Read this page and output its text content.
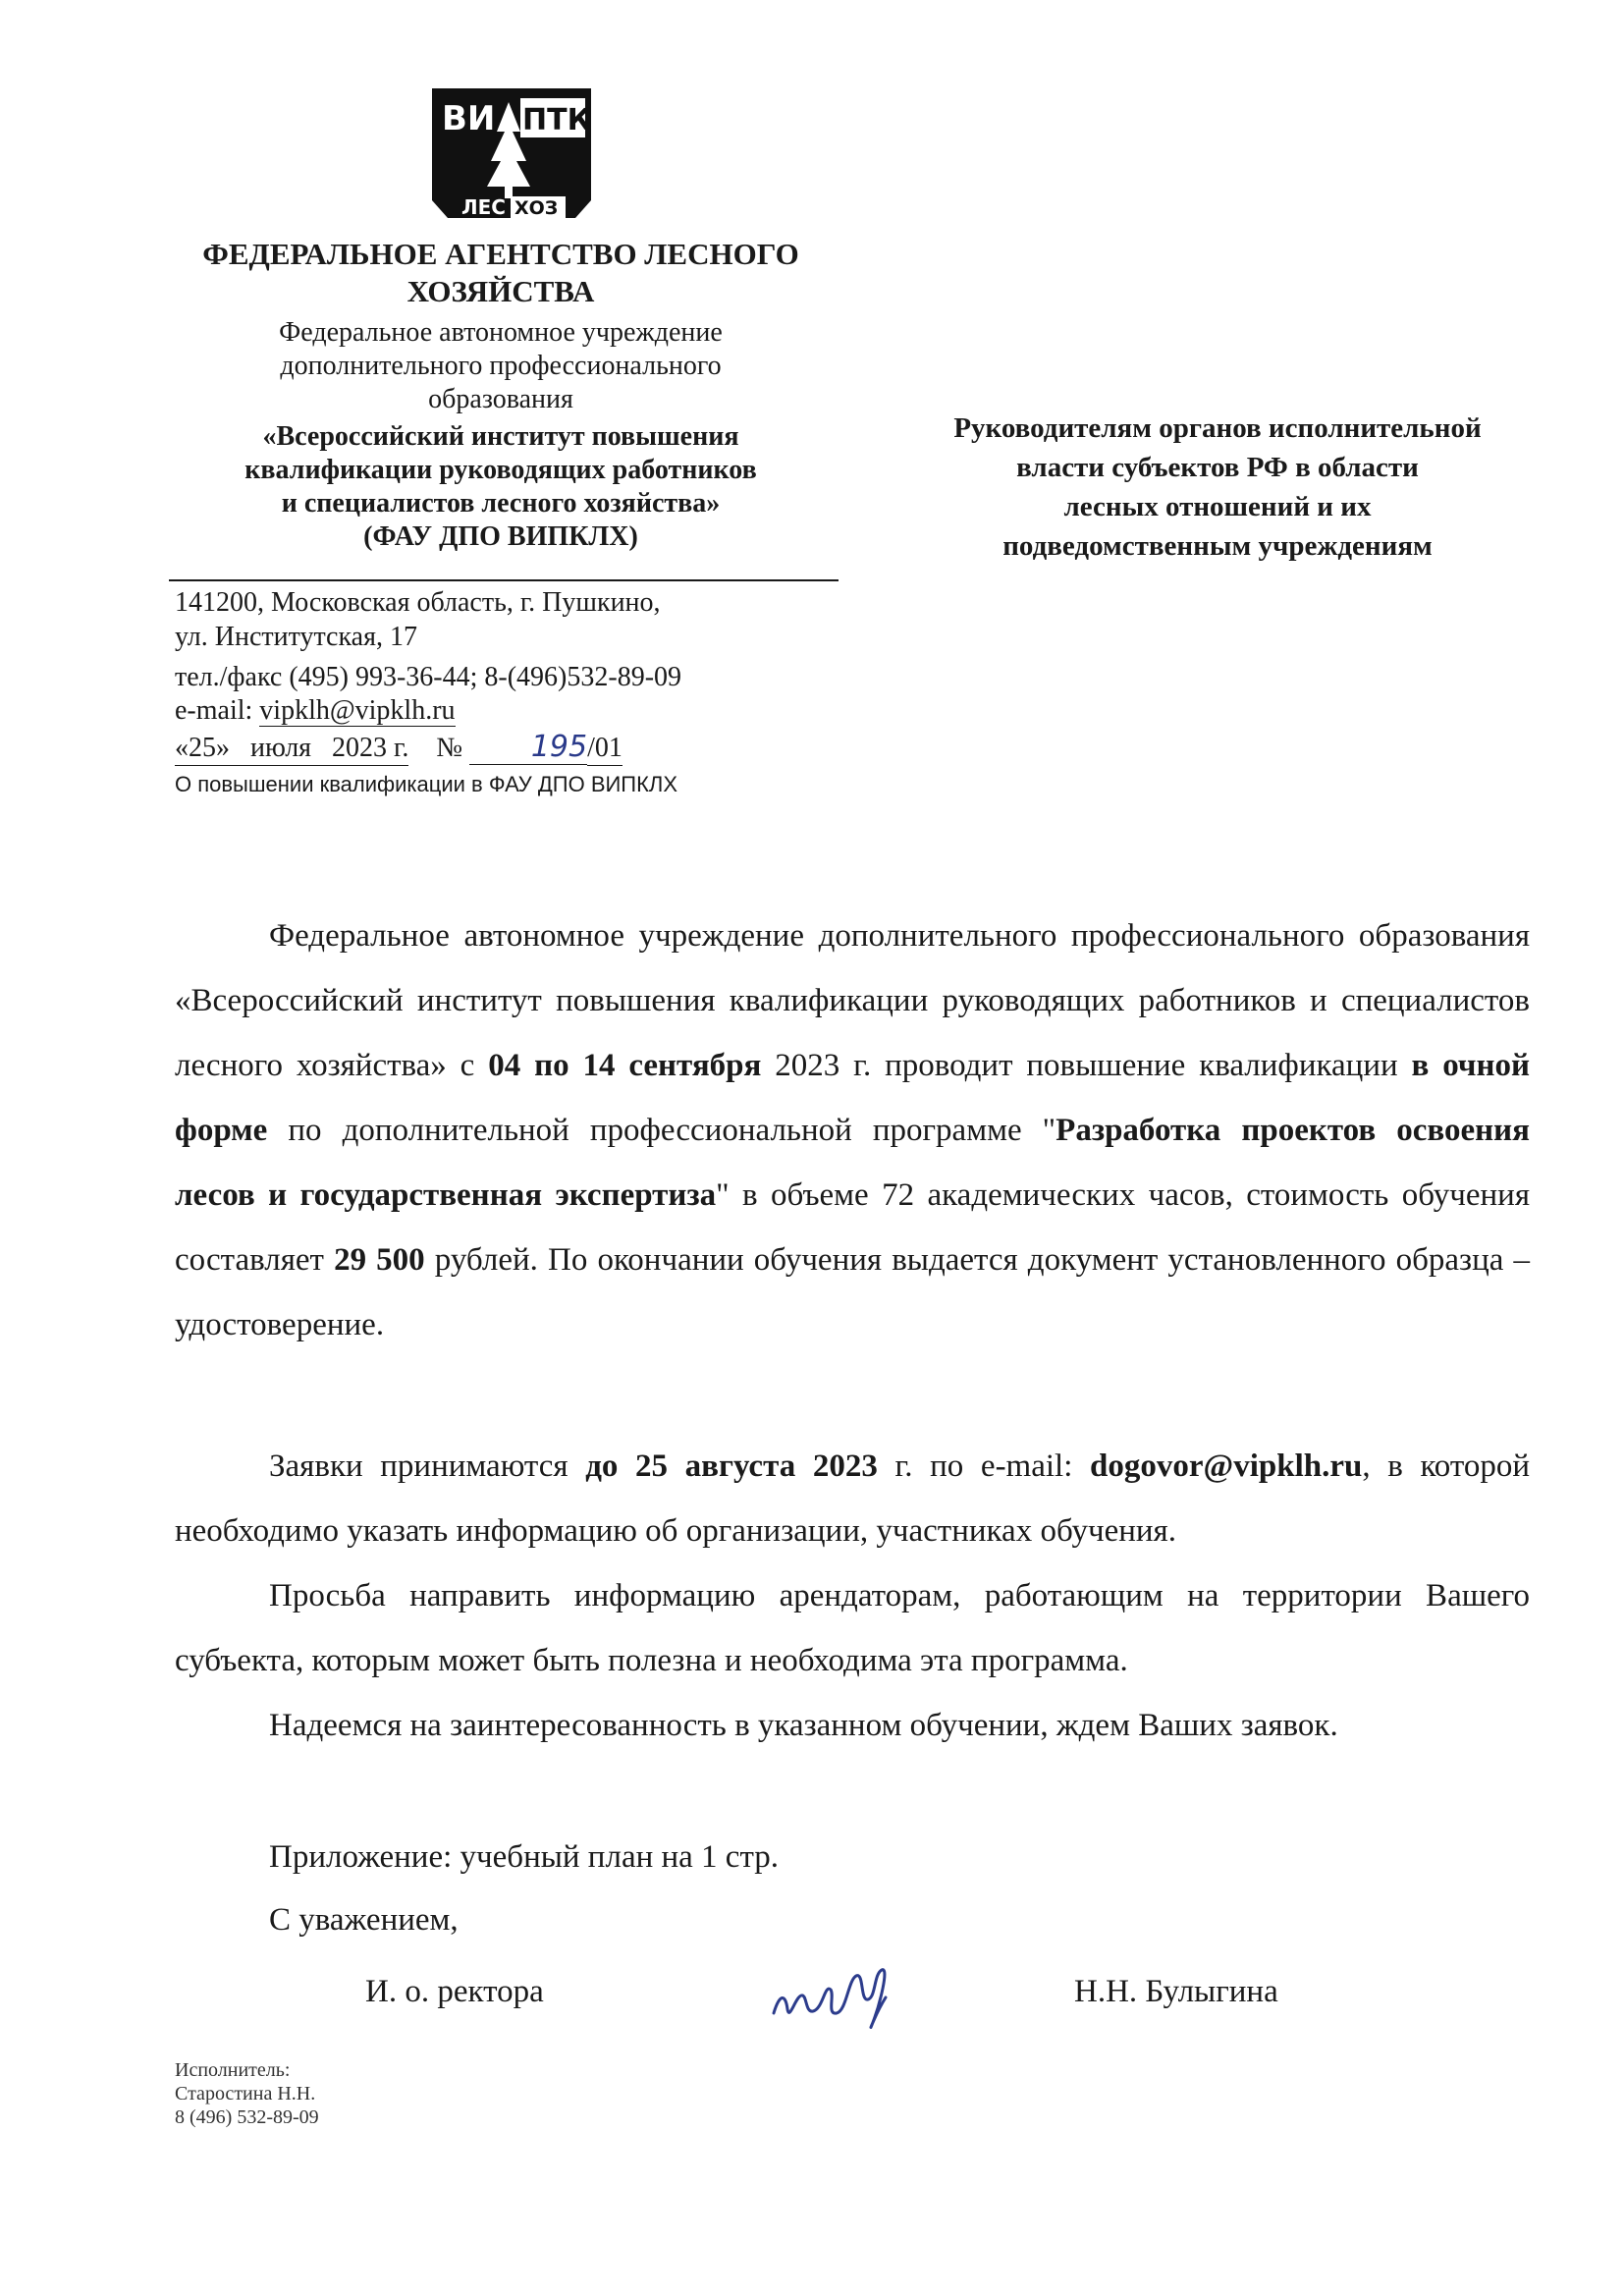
ВИ ПТК
ЛЕС ХОЗ
ФЕДЕРАЛЬНОЕ АГЕНТСТВО ЛЕСНОГО
ХОЗЯЙСТВА
Федеральное автономное учреждение
дополнительного профессионального
образования
«Всероссийский институт повышения
квалификации руководящих работников
и специалистов лесного хозяйства»
(ФАУ ДПО ВИПКЛХ)
141200, Московская область, г. Пушкино,
ул. Институтская, 17
тел./факс (495) 993-36-44; 8-(496)532-89-09
e-mail: vipklh@vipklh.ru
«25»   июля   2023 г. № 195/01
О повышении квалификации в ФАУ ДПО ВИПКЛХ
Руководителям органов исполнительной
власти субъектов РФ в области
лесных отношений и их
подведомственным учреждениям

Федеральное автономное учреждение дополнительного профессионального образования «Всероссийский институт повышения квалификации руководящих работников и специалистов лесного хозяйства» с 04 по 14 сентября 2023 г. проводит повышение квалификации в очной форме по дополнительной профессиональной программе "Разработка проектов освоения лесов и государственная экспертиза" в объеме 72 академических часов, стоимость обучения составляет 29 500 рублей. По окончании обучения выдается документ установленного образца – удостоверение.

Заявки принимаются до 25 августа 2023 г. по e-mail: dogovor@vipklh.ru, в которой необходимо указать информацию об организации, участниках обучения.

Просьба направить информацию арендаторам, работающим на территории Вашего субъекта, которым может быть полезна и необходима эта программа.

Надеемся на заинтересованность в указанном обучении, ждем Ваших заявок.

Приложение: учебный план на 1 стр.

С уважением,

И. о. ректора	Н.Н. Булыгина
Исполнитель:
Старостина Н.Н.
8 (496) 532-89-09
